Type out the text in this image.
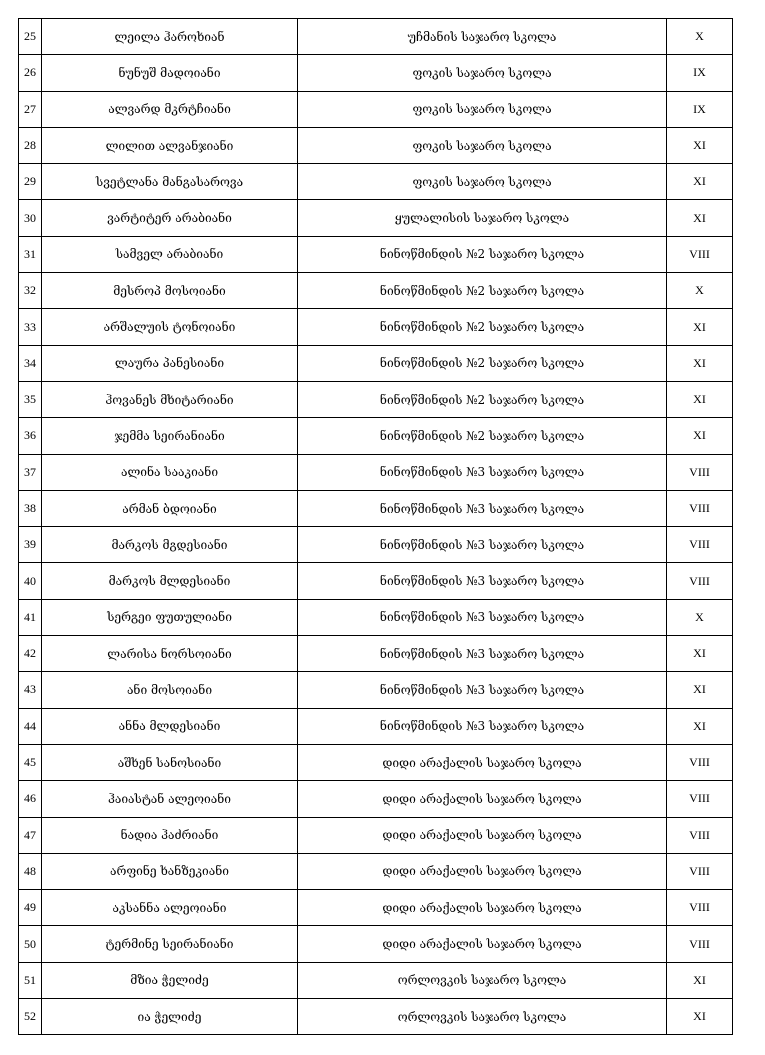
25	ლეილა ჰაროხიან	უჩმანის საჯარო სკოლა	X
26	ნუნუშ მადოიანი	ფოკის საჯარო სკოლა	IX
27	ალვარდ მკრტჩიანი	ფოკის საჯარო სკოლა	IX
28	ლილით ალვანჯიანი	ფოკის საჯარო სკოლა	XI
29	სვეტლანა მანგასაროვა	ფოკის საჯარო სკოლა	XI
30	ვარტიტერ არაბიანი	ყულალისის საჯარო სკოლა	XI
31	სამველ არაბიანი	ნინოწმინდის №2 საჯარო სკოლა	VIII
32	მესროპ მოსოიანი	ნინოწმინდის №2 საჯარო სკოლა	X
33	არშალუის ტონოიანი	ნინოწმინდის №2 საჯარო სკოლა	XI
34	ლაურა პანესიანი	ნინოწმინდის №2 საჯარო სკოლა	XI
35	ჰოვანეს მხიტარიანი	ნინოწმინდის №2 საჯარო სკოლა	XI
36	ჯემმა სეირანიანი	ნინოწმინდის №2 საჯარო სკოლა	XI
37	ალინა სააკიანი	ნინოწმინდის №3 საჯარო სკოლა	VIII
38	არმან ბდოიანი	ნინოწმინდის №3 საჯარო სკოლა	VIII
39	მარკოს მგდესიანი	ნინოწმინდის №3 საჯარო სკოლა	VIII
40	მარკოს მლდესიანი	ნინოწმინდის №3 საჯარო სკოლა	VIII
41	სერგეი ფუთულიანი	ნინოწმინდის №3 საჯარო სკოლა	X
42	ლარისა ნორსოიანი	ნინოწმინდის №3 საჯარო სკოლა	XI
43	ანი მოსოიანი	ნინოწმინდის №3 საჯარო სკოლა	XI
44	ანნა მლდესიანი	ნინოწმინდის №3 საჯარო სკოლა	XI
45	აშხენ სანოსიანი	დიდი არაქალის საჯარო სკოლა	VIII
46	ჰაიასტან ალეოიანი	დიდი არაქალის საჯარო სკოლა	VIII
47	ნადია ჰაძრიანი	დიდი არაქალის საჯარო სკოლა	VIII
48	არფინე ხანზეკიანი	დიდი არაქალის საჯარო სკოლა	VIII
49	აკსანნა ალეოიანი	დიდი არაქალის საჯარო სკოლა	VIII
50	ტერმინე სეირანიანი	დიდი არაქალის საჯარო სკოლა	VIII
51	მზია ჭელიძე	ორლოვკის საჯარო სკოლა	XI
52	ია ჭელიძე	ორლოვკის საჯარო სკოლა	XI
